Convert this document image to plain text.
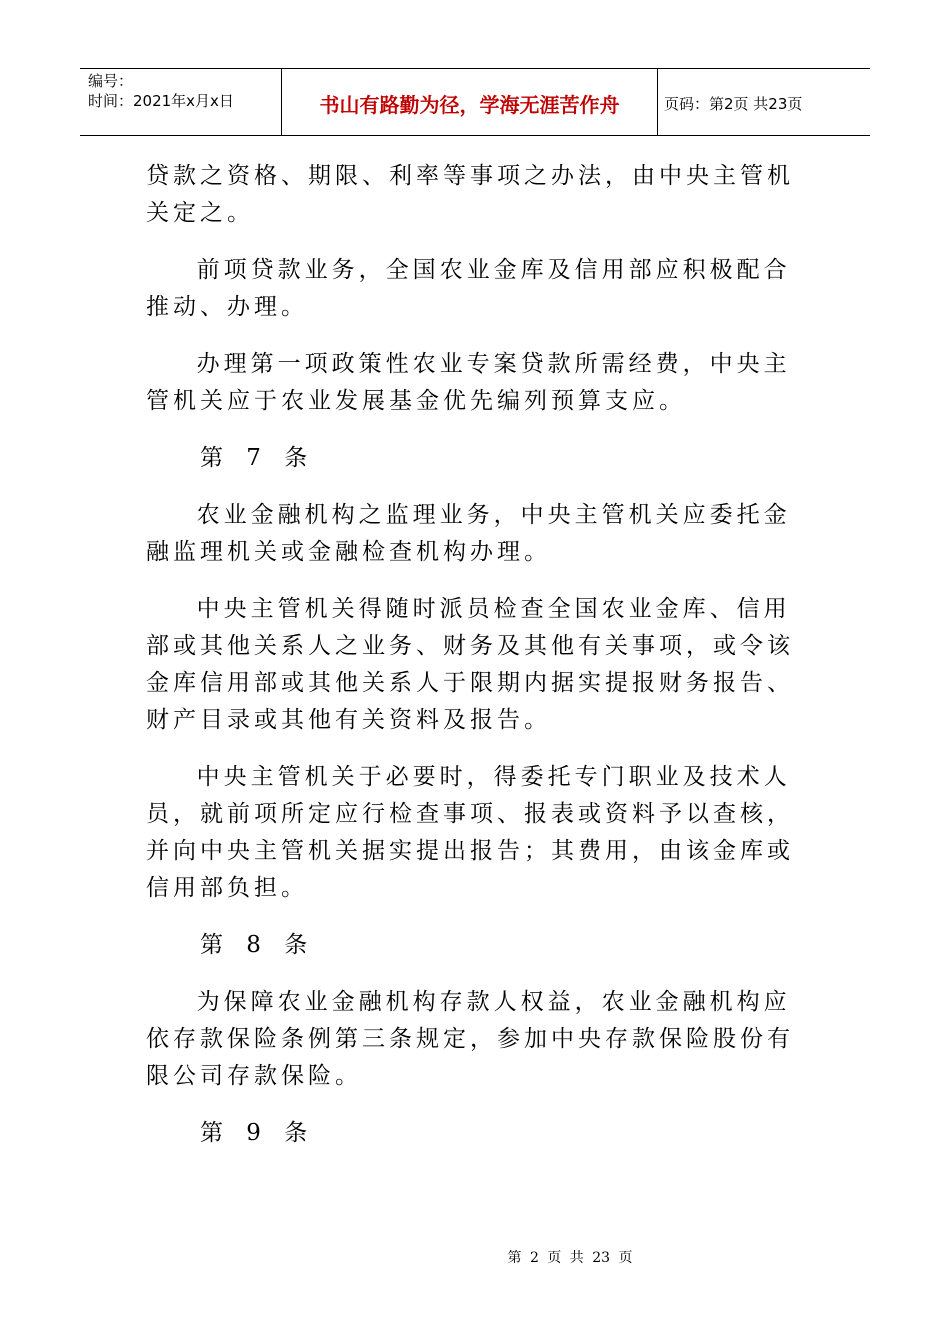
编号：
时间：2021年x月x日	书山有路勤为径，学海无涯苦作舟	页码：第2页 共23页

贷款之资格、期限、利率等事项之办法，由中央主管机关定之。

前项贷款业务，全国农业金库及信用部应积极配合推动、办理。

办理第一项政策性农业专案贷款所需经费，中央主管机关应于农业发展基金优先编列预算支应。

第 7 条

农业金融机构之监理业务，中央主管机关应委托金融监理机关或金融检查机构办理。

中央主管机关得随时派员检查全国农业金库、信用部或其他关系人之业务、财务及其他有关事项，或令该金库信用部或其他关系人于限期内据实提报财务报告、财产目录或其他有关资料及报告。

中央主管机关于必要时，得委托专门职业及技术人员，就前项所定应行检查事项、报表或资料予以查核，并向中央主管机关据实提出报告；其费用，由该金库或信用部负担。

第 8 条

为保障农业金融机构存款人权益，农业金融机构应依存款保险条例第三条规定，参加中央存款保险股份有限公司存款保险。

第 9 条

第 2 页 共 23 页
